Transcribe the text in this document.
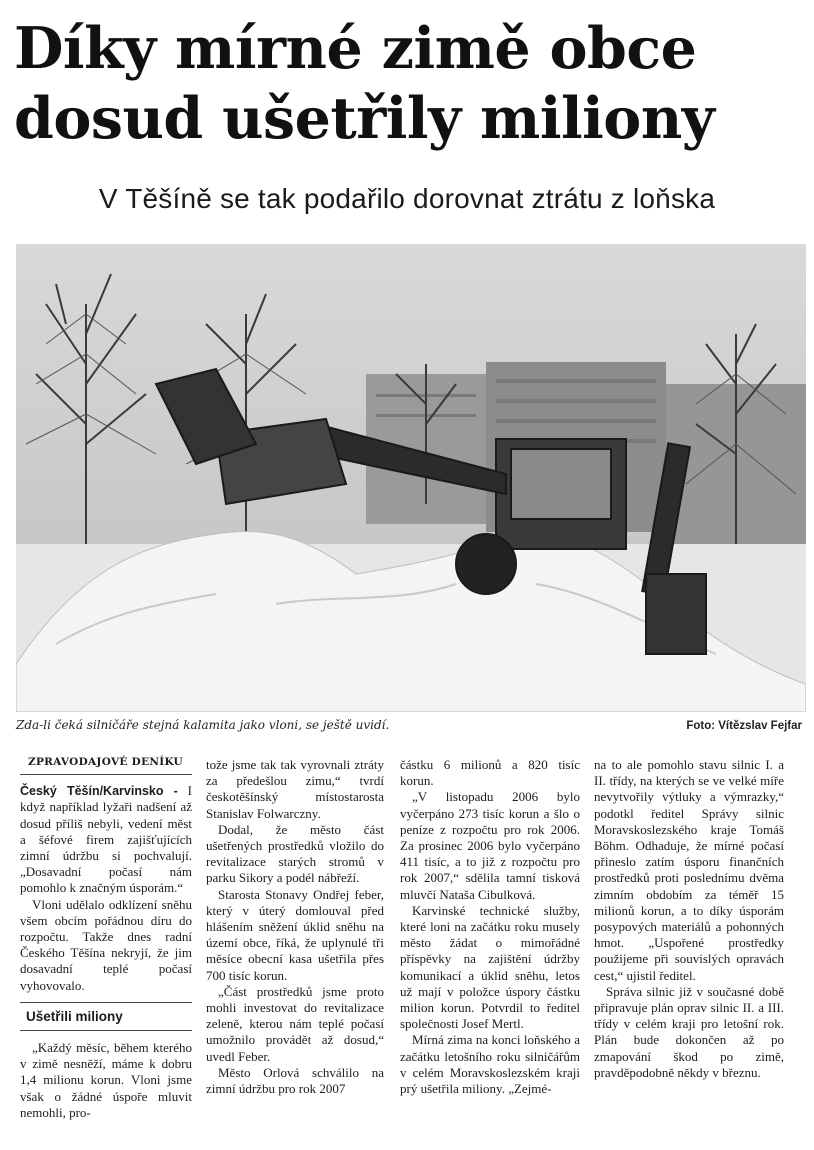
Díky mírné zimě obce
dosud ušetřily miliony
V Těšíně se tak podařilo dorovnat ztrátu z loňska
Zda-li čeká silničáře stejná kalamita jako vloni, se ještě uvidí.	Foto: Vítězslav Fejfar
ZPRAVODAJOVÉ DENÍKU

Český Těšín/Karvinsko - I když například lyžaři nadšení až dosud příliš nebyli, vedení měst a šéfové firem zajišťujících zimní údržbu si pochvalují. „Dosavadní počasí nám pomohlo k značným úsporám.“

Vloni udělalo odklízení sněhu všem obcím pořádnou díru do rozpočtu. Takže dnes radní Českého Těšína nekryjí, že jim dosavadní teplé počasí vyhovovalo.

Ušetřili miliony

„Každý měsíc, během kterého v zimě nesněží, máme k dobru 1,4 milionu korun. Vloni jsme však o žádné úspoře mluvit nemohli, pro-

tože jsme tak tak vyrovnali ztráty za předešlou zimu,“ tvrdí českotěšínský místostarosta Stanislav Folwarczny.

Dodal, že město část ušetřených prostředků vložilo do revitalizace starých stromů v parku Sikory a podél nábřeží.

Starosta Stonavy Ondřej feber, který v úterý domlouval před hlášením sněžení úklid sněhu na území obce, říká, že uplynulé tři měsíce obecní kasa ušetřila přes 700 tisíc korun.

„Část prostředků jsme proto mohli investovat do revitalizace zeleně, kterou nám teplé počasí umožnilo provádět až dosud,“ uvedl Feber.

Město Orlová schválilo na zimní údržbu pro rok 2007

částku 6 milionů a 820 tisíc korun.

„V listopadu 2006 bylo vyčerpáno 273 tisíc korun a šlo o peníze z rozpočtu pro rok 2006. Za prosinec 2006 bylo vyčerpáno 411 tisíc, a to již z rozpočtu pro rok 2007,“ sdělila tamní tisková mluvčí Nataša Cibulková.

Karvinské technické služby, které loni na začátku roku musely město žádat o mimořádné příspěvky na zajištění údržby komunikací a úklid sněhu, letos už mají v položce úspory částku milion korun. Potvrdil to ředitel společnosti Josef Mertl.

Mírná zima na konci loňského a začátku letošního roku silničářům v celém Moravskoslezském kraji prý ušetřila miliony. „Zejmé-

na to ale pomohlo stavu silnic I. a II. třídy, na kterých se ve velké míře nevytvořily výtluky a výmrazky,“ podotkl ředitel Správy silnic Moravskoslezského kraje Tomáš Böhm. Odhaduje, že mírné počasí přineslo zatím úsporu finančních prostředků proti poslednímu dvěma zimním obdobím za téměř 15 milionů korun, a to díky úsporám posypových materiálů a pohonných hmot. „Uspořené prostředky použijeme při souvislých opravách cest,“ ujistil ředitel.

Správa silnic již v současné době připravuje plán oprav silnic II. a III. třídy v celém kraji pro letošní rok. Plán bude dokončen až po zmapování škod po zimě, pravděpodobně někdy v březnu.
